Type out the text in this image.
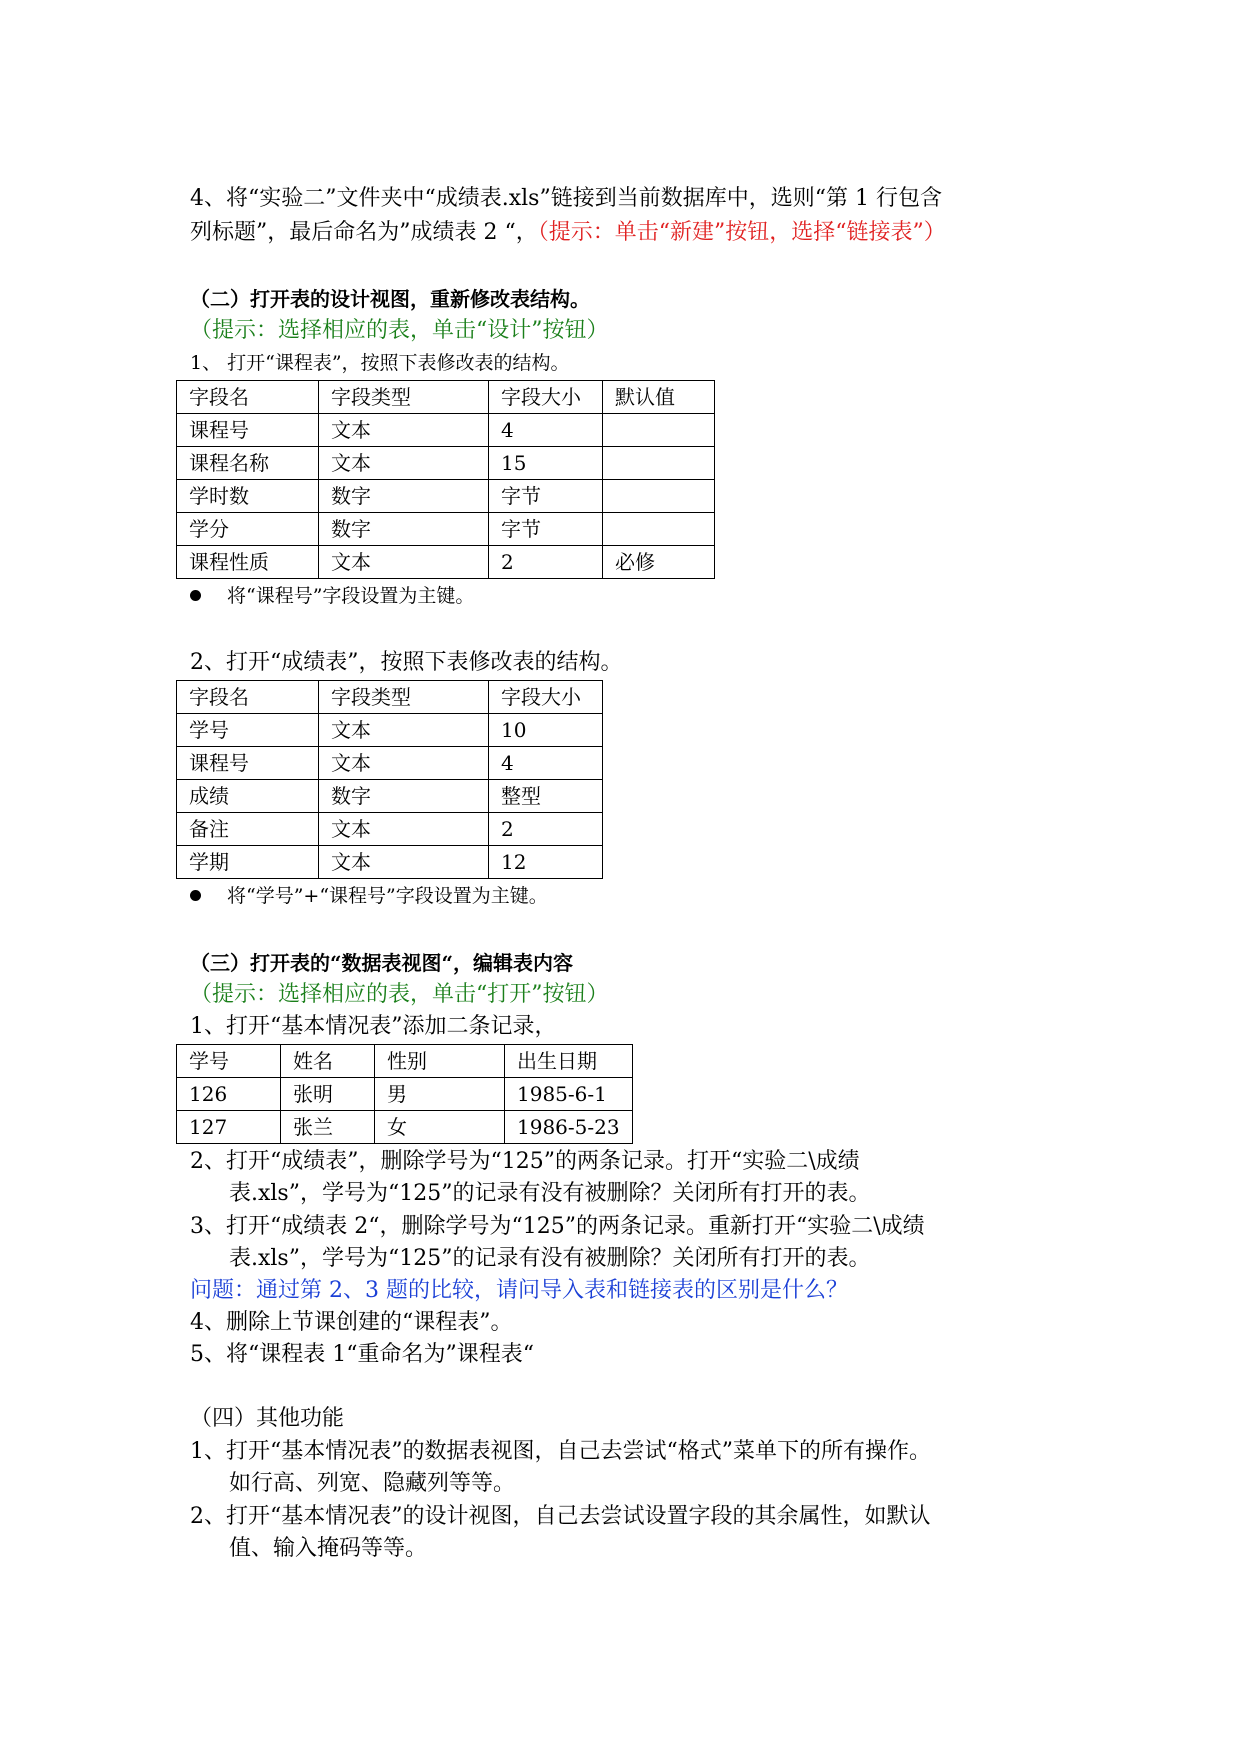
4、将“实验二”文件夹中“成绩表.xls”链接到当前数据库中，选则“第 1 行包含
列标题”，最后命名为”成绩表 2 “，（提示：单击“新建”按钮，选择“链接表”）
（二）打开表的设计视图，重新修改表结构。
（提示：选择相应的表，单击“设计”按钮）
1、 打开“课程表”，按照下表修改表的结构。
字段名	字段类型	字段大小	默认值
课程号	文本	4	
课程名称	文本	15	
学时数	数字	字节	
学分	数字	字节	
课程性质	文本	2	必修
将“课程号”字段设置为主键。
2、打开“成绩表”，按照下表修改表的结构。
字段名	字段类型	字段大小
学号	文本	10
课程号	文本	4
成绩	数字	整型
备注	文本	2
学期	文本	12
将“学号”+“课程号”字段设置为主键。
（三）打开表的“数据表视图“，编辑表内容
（提示：选择相应的表，单击“打开”按钮）
1、打开“基本情况表”添加二条记录，
学号	姓名	性别	出生日期
126	张明	男	1985-6-1
127	张兰	女	1986-5-23
2、打开“成绩表”，删除学号为“125”的两条记录。打开“实验二\成绩
表.xls”，学号为“125”的记录有没有被删除？关闭所有打开的表。
3、打开“成绩表 2“，删除学号为“125”的两条记录。重新打开“实验二\成绩
表.xls”，学号为“125”的记录有没有被删除？关闭所有打开的表。
问题：通过第 2、3 题的比较，请问导入表和链接表的区别是什么？
4、删除上节课创建的“课程表”。
5、将“课程表 1“重命名为”课程表“
（四）其他功能
1、打开“基本情况表”的数据表视图，自己去尝试“格式”菜单下的所有操作。
如行高、列宽、隐藏列等等。
2、打开“基本情况表”的设计视图，自己去尝试设置字段的其余属性，如默认
值、输入掩码等等。
